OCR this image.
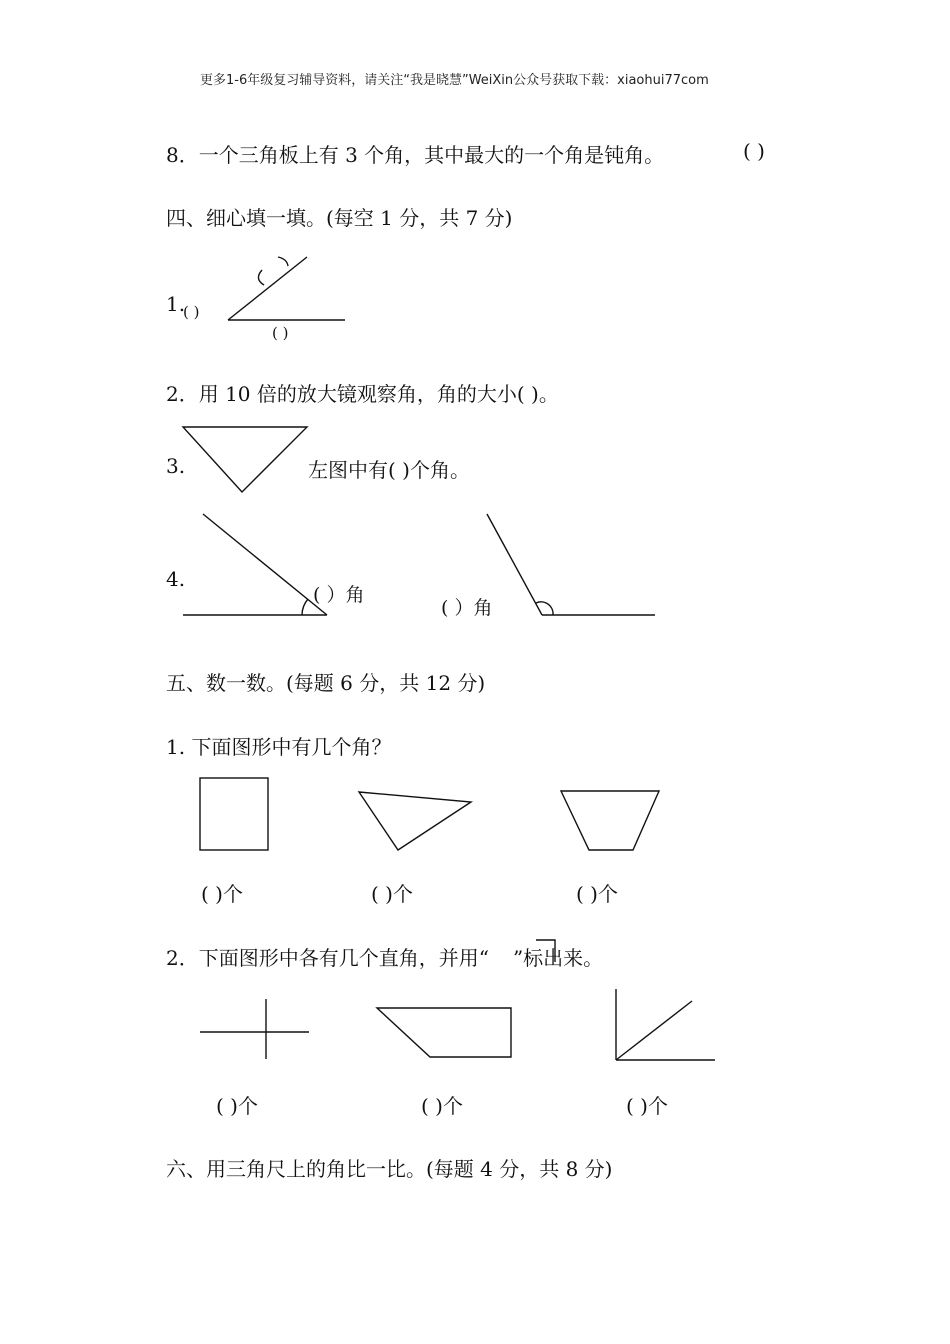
更多1-6年级复习辅导资料，请关注“我是晓慧”WeiXin公众号获取下载：xiaohui77com
8．一个三角板上有 3 个角，其中最大的一个角是钝角。	( )
四、细心填一填。(每空 1 分，共 7 分)
1.
( )
( )
2．用 10 倍的放大镜观察角，角的大小( )。
3.	左图中有( )个角。
4.
( ）角
( ）角
五、数一数。(每题 6 分，共 12 分)
1. 下面图形中有几个角？
( )个	( )个	( )个
2．下面图形中各有几个直角，并用“ ”标出来。
( )个	( )个	( )个
六、用三角尺上的角比一比。(每题 4 分，共 8 分)
